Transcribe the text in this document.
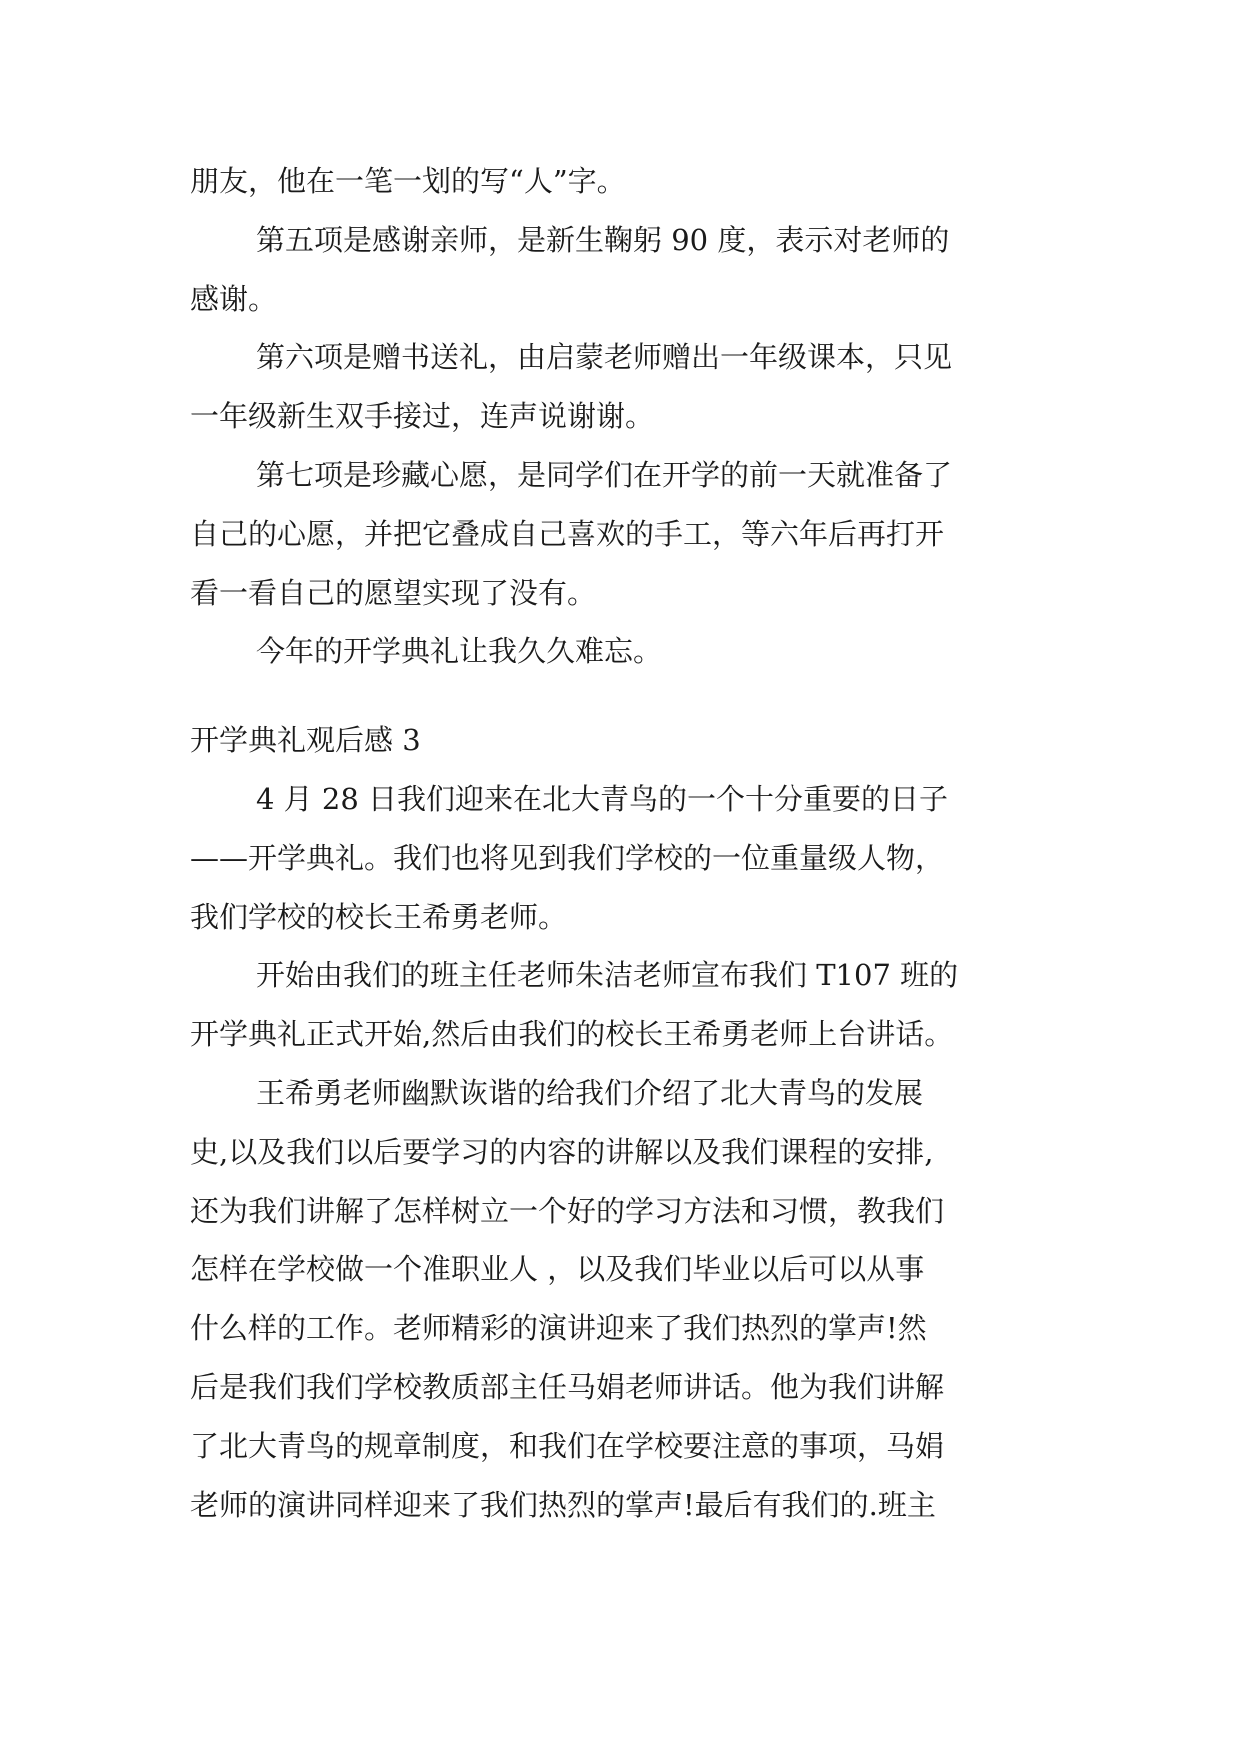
朋友，他在一笔一划的写“人”字。
第五项是感谢亲师，是新生鞠躬 90 度，表示对老师的
感谢。
第六项是赠书送礼，由启蒙老师赠出一年级课本，只见
一年级新生双手接过，连声说谢谢。
第七项是珍藏心愿，是同学们在开学的前一天就准备了
自己的心愿，并把它叠成自己喜欢的手工，等六年后再打开
看一看自己的愿望实现了没有。
今年的开学典礼让我久久难忘。
开学典礼观后感 3
4 月 28 日我们迎来在北大青鸟的一个十分重要的日子
——开学典礼。我们也将见到我们学校的一位重量级人物，
我们学校的校长王希勇老师。
开始由我们的班主任老师朱洁老师宣布我们 T107 班的
开学典礼正式开始,然后由我们的校长王希勇老师上台讲话。
王希勇老师幽默诙谐的给我们介绍了北大青鸟的发展
史,以及我们以后要学习的内容的讲解以及我们课程的安排,
还为我们讲解了怎样树立一个好的学习方法和习惯，教我们
怎样在学校做一个准职业人 ，以及我们毕业以后可以从事
什么样的工作。老师精彩的演讲迎来了我们热烈的掌声!然
后是我们我们学校教质部主任马娟老师讲话。他为我们讲解
了北大青鸟的规章制度，和我们在学校要注意的事项，马娟
老师的演讲同样迎来了我们热烈的掌声!最后有我们的.班主
